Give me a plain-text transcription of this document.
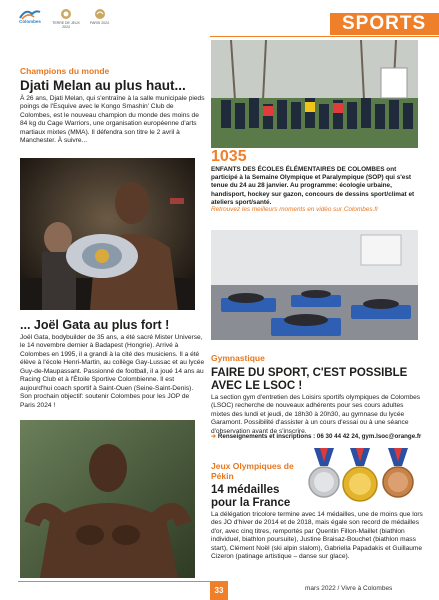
Colombes	TERRE DE JEUX 2024
PARIS 2024	SPORTS
Champions du monde
Djati Melan au plus haut...
À 26 ans, Djati Melan, qui s'entraîne à la salle municipale pieds poings de l'Esquive avec le Kongo Smashin' Club de Colombes, est le nouveau champion du monde des moins de 84 kg du Cage Warriors, une organisation européenne d'arts martiaux mixtes (MMA). Il défendra son titre le 2 avril à Manchester. À suivre...
... Joël Gata au plus fort !
Joël Gata, bodybuilder de 35 ans, a été sacré Mister Universe, le 14 novembre dernier à Badapest (Hongrie). Arrivé à Colombes en 1995, il a grandi à la cité des musiciens. Il a été élève à l'école Henri-Martin, au collège Gay-Lussac et au lycée Guy-de-Maupassant. Passionné de football, il a joué 14 ans au Racing Club et à l'Étoile Sportive Colombienne. Il est aujourd'hui coach sportif à Saint-Ouen (Seine-Saint-Denis). Son prochain objectif: soutenir Colombes pour les JOP de Paris 2024 !
1035
ENFANTS DES ÉCOLES ÉLÉMENTAIRES DE COLOMBES ont participé à la Semaine Olympique et Paralympique (SOP) qui s'est tenue du 24 au 28 janvier. Au programme: écologie urbaine, handisport, hockey sur gazon, concours de dessins sport/climat et ateliers sport/santé.
Retrouvez les meilleurs moments en vidéo sur Colombes.fr
Gymnastique
FAIRE DU SPORT, C'EST POSSIBLE AVEC LE LSOC !
La section gym d'entretien des Loisirs sportifs olympiques de Colombes (LSOC) recherche de nouveaux adhérents pour ses cours adultes mixtes des lundi et jeudi, de 18h30 à 20h30, au gymnase du lycée Garamont. Possibilité d'assister à un cours d'essai ou à une séance d'observation avant de s'inscrire.
➔ Renseignements et inscriptions : 06 30 44 42 24, gym.lsoc@orange.fr
Jeux Olympiques de Pékin
14 médailles pour la France
La délégation tricolore termine avec 14 médailles, une de moins que lors des JO d'hiver de 2014 et de 2018, mais égale son record de médailles d'or, avec cinq titres, remportés par Quentin Fillon-Maillet (biathlon individuel, biathlon poursuite), Justine Braisaz-Bouchet (biathlon mass start), Clément Noël (ski alpin slalom), Gabriella Papadakis et Guillaume Cizeron (patinage artistique – danse sur glace).
33	mars 2022 / Vivre à Colombes
